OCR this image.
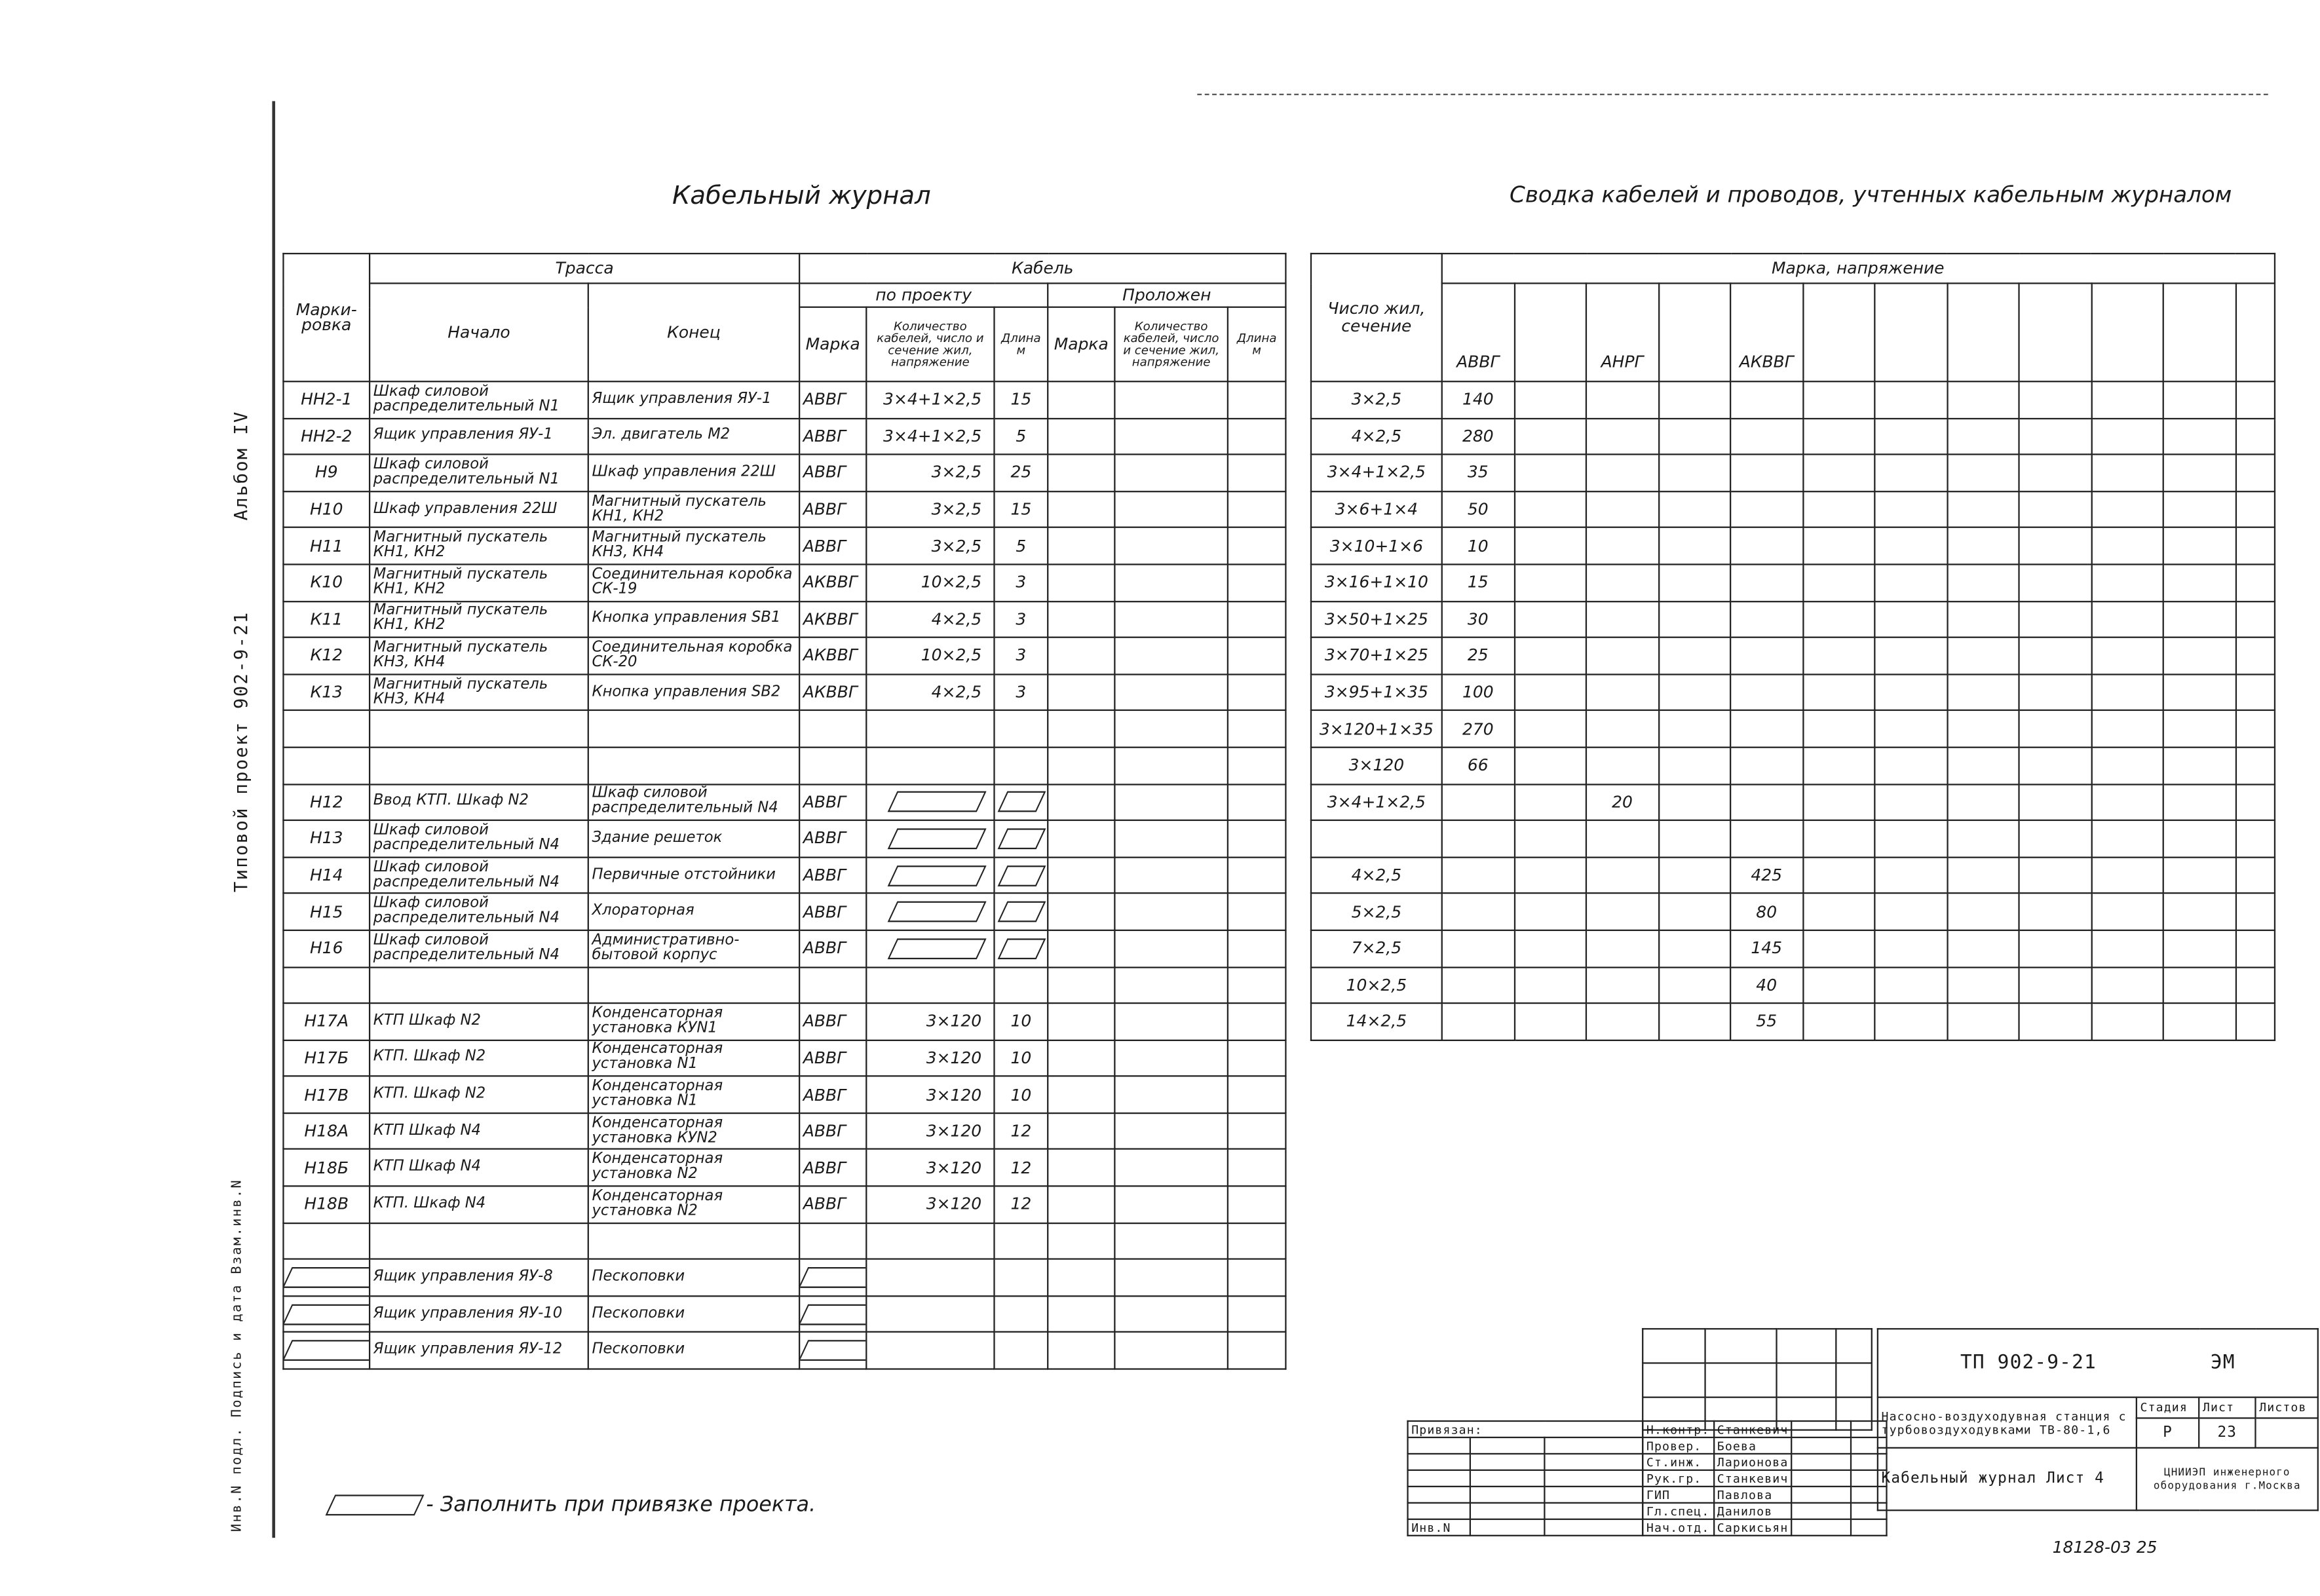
Альбом IV
Типовой проект 902-9-21
Инв.N подл. Подпись и дата Взам.инв.N
Кабельный журнал	Сводка кабелей и проводов, учтенных кабельным журналом
Марки-ровка	Трасса		Кабель					
	Начало	Конец	по проекту			Проложен		
			Марка	Количество кабелей, число и сечение жил, напряжение	Длина м	Марка	Количество кабелей, число и сечение жил, напряжение	Длина м
НН2-1	Шкаф силовой распределительный N1	Ящик управления ЯУ-1	АВВГ	3×4+1×2,5	15			
НН2-2	Ящик управления ЯУ-1	Эл. двигатель М2	АВВГ	3×4+1×2,5	5			
Н9	Шкаф силовой распределительный N1	Шкаф управления 22Ш	АВВГ	3×2,5	25			
Н10	Шкаф управления 22Ш	Магнитный пускатель КН1, КН2	АВВГ	3×2,5	15			
Н11	Магнитный пускатель КН1, КН2	Магнитный пускатель КН3, КН4	АВВГ	3×2,5	5			
К10	Магнитный пускатель КН1, КН2	Соединительная коробка СК-19	АКВВГ	10×2,5	3			
К11	Магнитный пускатель КН1, КН2	Кнопка управления SB1	АКВВГ	4×2,5	3			
К12	Магнитный пускатель КН3, КН4	Соединительная коробка СК-20	АКВВГ	10×2,5	3			
К13	Магнитный пускатель КН3, КН4	Кнопка управления SB2	АКВВГ	4×2,5	3			

Н12	Ввод КТП. Шкаф N2	Шкаф силовой распределительный N4	АВВГ					
Н13	Шкаф силовой распределительный N4	Здание решеток	АВВГ					
Н14	Шкаф силовой распределительный N4	Первичные отстойники	АВВГ					
Н15	Шкаф силовой распределительный N4	Хлораторная	АВВГ					
Н16	Шкаф силовой распределительный N4	Административно-бытовой корпус	АВВГ					

Н17А	КТП Шкаф N2	Конденсаторная установка КУN1	АВВГ	3×120	10			
Н17Б	КТП. Шкаф N2	Конденсаторная установка N1	АВВГ	3×120	10			
Н17В	КТП. Шкаф N2	Конденсаторная установка N1	АВВГ	3×120	10			
Н18А	КТП Шкаф N4	Конденсаторная установка КУN2	АВВГ	3×120	12			
Н18Б	КТП Шкаф N4	Конденсаторная установка N2	АВВГ	3×120	12			
Н18В	КТП. Шкаф N4	Конденсаторная установка N2	АВВГ	3×120	12			

	Ящик управления ЯУ-8	Пескоповки						
	Ящик управления ЯУ-10	Пескоповки						
	Ящик управления ЯУ-12	Пескоповки						
- Заполнить при привязке проекта.
Число жил, сечение	Марка, напряжение											
	АВВГ		АНРГ		АКВВГ							
3×2,5	140											
4×2,5	280											
3×4+1×2,5	35											
3×6+1×4	50											
3×10+1×6	10											
3×16+1×10	15											
3×50+1×25	30											
3×70+1×25	25											
3×95+1×35	100											
3×120+1×35	270											
3×120	66											
3×4+1×2,5			20									

4×2,5					425							
5×2,5					80							
7×2,5					145							
10×2,5					40							
14×2,5					55							

Н.контр.	Станкевич		
Провер.	Боева		
Ст.инж.	Ларионова		
Рук.гр.	Станкевич		
ГИП	Павлова		
Гл.спец.	Данилов		
Нач.отд.	Саркисьян		
Привязан:		

Инв.N		
ТП 902-9-21 ЭМ			
Насосно-воздуходувная станция с турбовоздуходувками ТВ-80-1,6	Стадия	Лист	Листов
	Р	23	
Кабельный журнал Лист 4	ЦНИИЭП инженерного оборудования г.Москва		
18128-03 25
